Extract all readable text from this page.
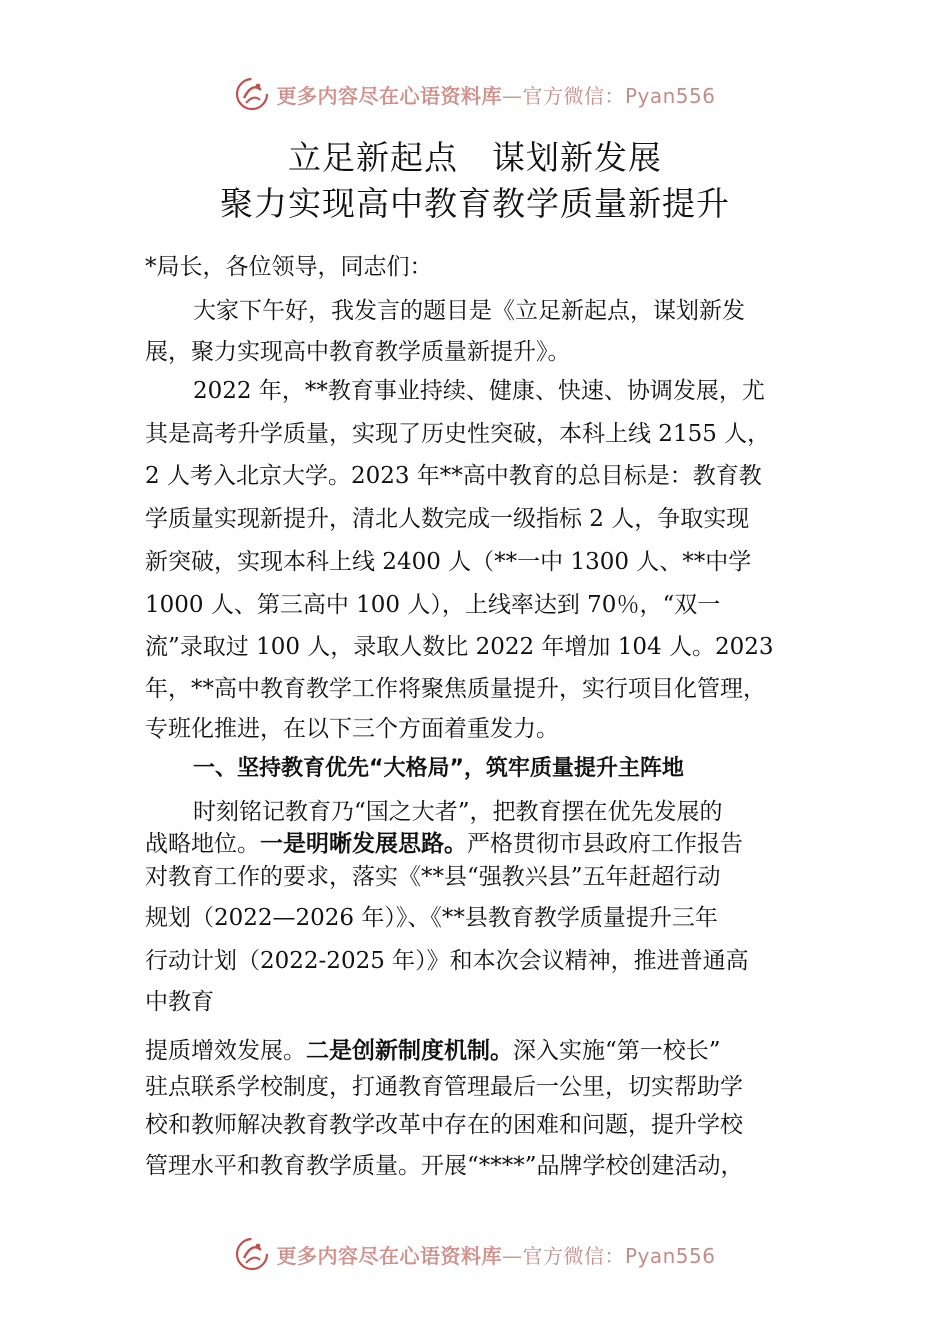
更多内容尽在心语资料库—官方微信：Pyan556
立足新起点　谋划新发展
聚力实现高中教育教学质量新提升

*局长，各位领导，同志们：

大家下午好，我发言的题目是《立足新起点，谋划新发

展，聚力实现高中教育教学质量新提升》。

2022 年，**教育事业持续、健康、快速、协调发展，尤

其是高考升学质量，实现了历史性突破，本科上线 2155 人，

2 人考入北京大学。2023 年**高中教育的总目标是：教育教

学质量实现新提升，清北人数完成一级指标 2 人，争取实现

新突破，实现本科上线 2400 人（**一中 1300 人、**中学

1000 人、第三高中 100 人），上线率达到 70％，“双一

流”录取过 100 人，录取人数比 2022 年增加 104 人。2023

年，**高中教育教学工作将聚焦质量提升，实行项目化管理，

专班化推进，在以下三个方面着重发力。

一、坚持教育优先“大格局”，筑牢质量提升主阵地

时刻铭记教育乃“国之大者”，把教育摆在优先发展的

战略地位。一是明晰发展思路。严格贯彻市县政府工作报告

对教育工作的要求，落实《**县“强教兴县”五年赶超行动

规划（2022—2026 年）》、《**县教育教学质量提升三年

行动计划（2022-2025 年）》和本次会议精神，推进普通高

中教育

提质增效发展。二是创新制度机制。深入实施“第一校长”

驻点联系学校制度，打通教育管理最后一公里，切实帮助学

校和教师解决教育教学改革中存在的困难和问题，提升学校

管理水平和教育教学质量。开展“****”品牌学校创建活动，

更多内容尽在心语资料库—官方微信：Pyan556
